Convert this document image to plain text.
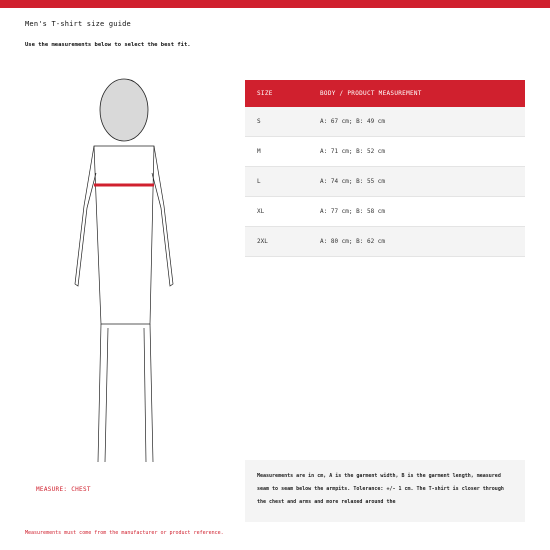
Men's T-shirt size guide
Use the measurements below to select the best fit.
MEASURE: CHEST
SIZE	BODY / PRODUCT MEASUREMENT
S	A: 67 cm; B: 49 cm
M	A: 71 cm; B: 52 cm
L	A: 74 cm; B: 55 cm
XL	A: 77 cm; B: 58 cm
2XL	A: 80 cm; B: 62 cm
Measurements are in cm, A is the garment width, B is the garment length, measured seam to seam below the armpits. Tolerance: +/- 1 cm. The T-shirt is closer through the chest and arms and more relaxed around the
Measurements must come from the manufacturer or product reference.
